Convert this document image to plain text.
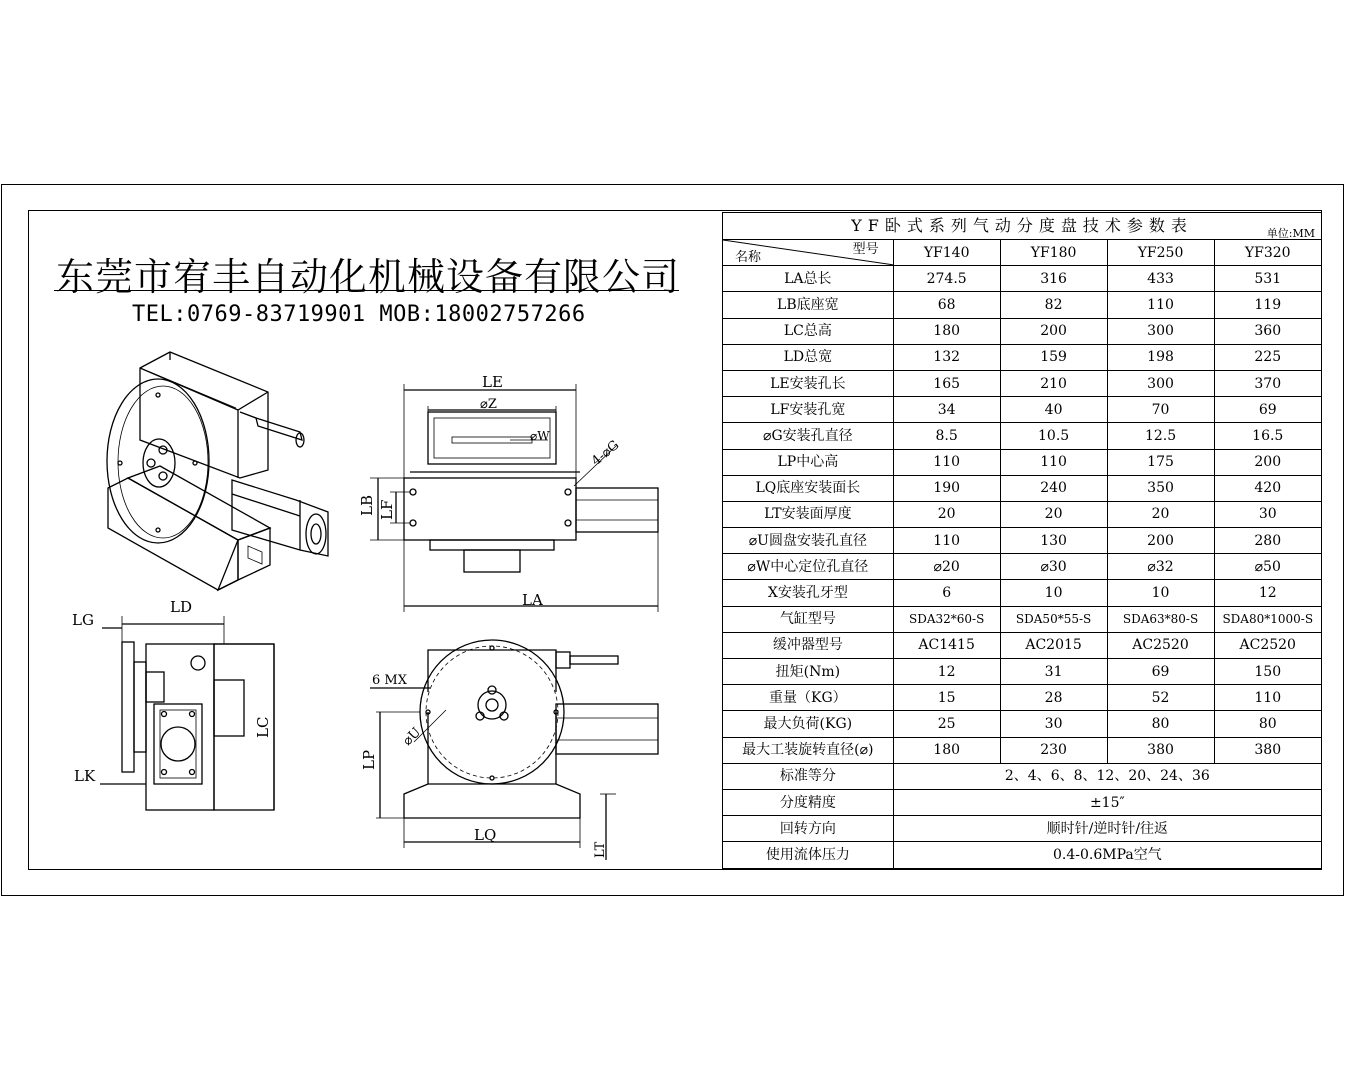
东莞市宥丰自动化机械设备有限公司
TEL:0769-83719901 MOB:18002757266
LE
⌀Z
⌀W
4-⌀G
LB LF
LA
LD
LG
LC
LK
6 MX
⌀U
LP
LQ
LT
YF卧式系列气动分度盘技术参数表 单位:MM				

名称
型号	YF140	YF180	YF250	YF320
LA总长	274.5	316	433	531
LB底座宽	68	82	110	119
LC总高	180	200	300	360
LD总宽	132	159	198	225
LE安装孔长	165	210	300	370
LF安装孔宽	34	40	70	69
⌀G安装孔直径	8.5	10.5	12.5	16.5
LP中心高	110	110	175	200
LQ底座安装面长	190	240	350	420
LT安装面厚度	20	20	20	30
⌀U圆盘安装孔直径	110	130	200	280
⌀W中心定位孔直径	⌀20	⌀30	⌀32	⌀50
X安装孔牙型	6	10	10	12
气缸型号	SDA32*60-S	SDA50*55-S	SDA63*80-S	SDA80*1000-S
缓冲器型号	AC1415	AC2015	AC2520	AC2520
扭矩(Nm)	12	31	69	150
重量（KG）	15	28	52	110
最大负荷(KG)	25	30	80	80
最大工装旋转直径(⌀)	180	230	380	380
标准等分	2、4、6、8、12、20、24、36			
分度精度	±15″			
回转方向	顺时针/逆时针/往返			
使用流体压力	0.4-0.6MPa空气			
